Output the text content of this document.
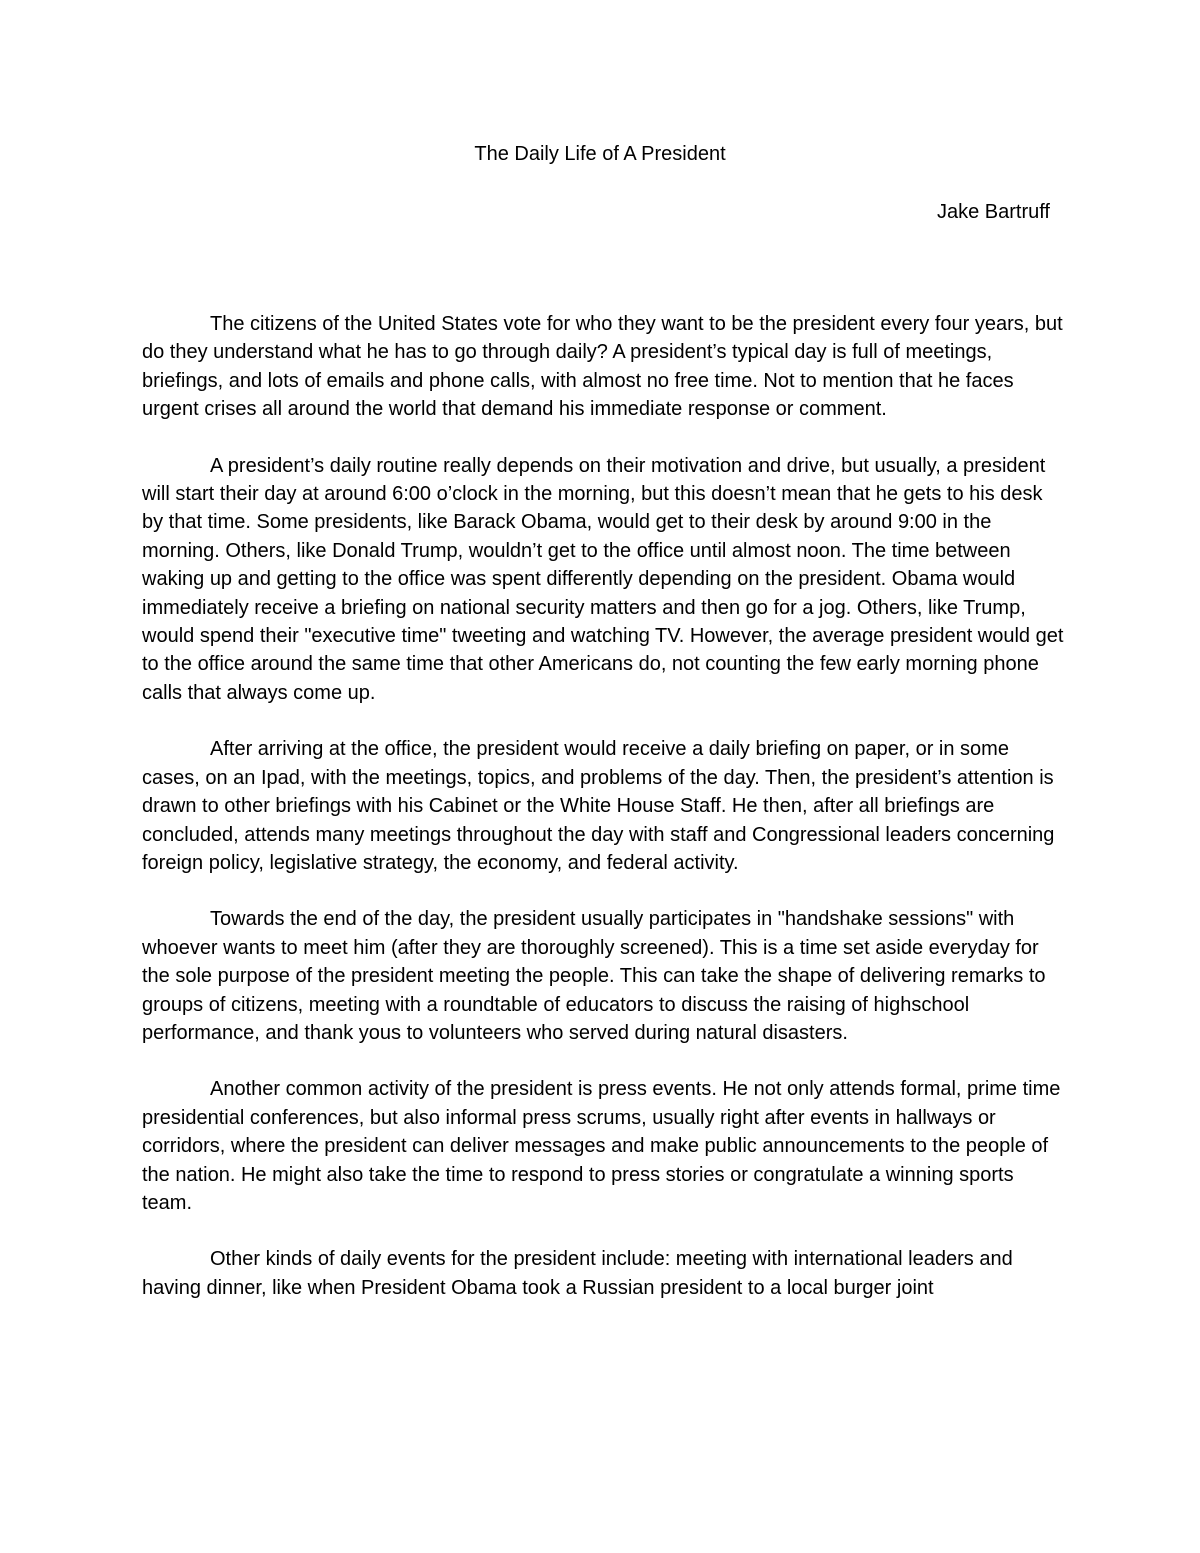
The Daily Life of A President
Jake Bartruff

The citizens of the United States vote for who they want to be the president every four years, but do they understand what he has to go through daily? A president’s typical day is full of meetings, briefings, and lots of emails and phone calls, with almost no free time. Not to mention that he faces urgent crises all around the world that demand his immediate response or comment.

A president’s daily routine really depends on their motivation and drive, but usually, a president will start their day at around 6:00 o’clock in the morning, but this doesn’t mean that he gets to his desk by that time. Some presidents, like Barack Obama, would get to their desk by around 9:00 in the morning. Others, like Donald Trump, wouldn’t get to the office until almost noon. The time between waking up and getting to the office was spent differently depending on the president. Obama would immediately receive a briefing on national security matters and then go for a jog. Others, like Trump, would spend their "executive time" tweeting and watching TV. However, the average president would get to the office around the same time that other Americans do, not counting the few early morning phone calls that always come up.

After arriving at the office, the president would receive a daily briefing on paper, or in some cases, on an Ipad, with the meetings, topics, and problems of the day. Then, the president’s attention is drawn to other briefings with his Cabinet or the White House Staff. He then, after all briefings are concluded, attends many meetings throughout the day with staff and Congressional leaders concerning foreign policy, legislative strategy, the economy, and federal activity.

Towards the end of the day, the president usually participates in "handshake sessions" with whoever wants to meet him (after they are thoroughly screened). This is a time set aside everyday for the sole purpose of the president meeting the people. This can take the shape of delivering remarks to groups of citizens, meeting with a roundtable of educators to discuss the raising of highschool performance, and thank yous to volunteers who served during natural disasters.

Another common activity of the president is press events. He not only attends formal, prime time presidential conferences, but also informal press scrums, usually right after events in hallways or corridors, where the president can deliver messages and make public announcements to the people of the nation. He might also take the time to respond to press stories or congratulate a winning sports team.

Other kinds of daily events for the president include: meeting with international leaders and having dinner, like when President Obama took a Russian president to a local burger joint
